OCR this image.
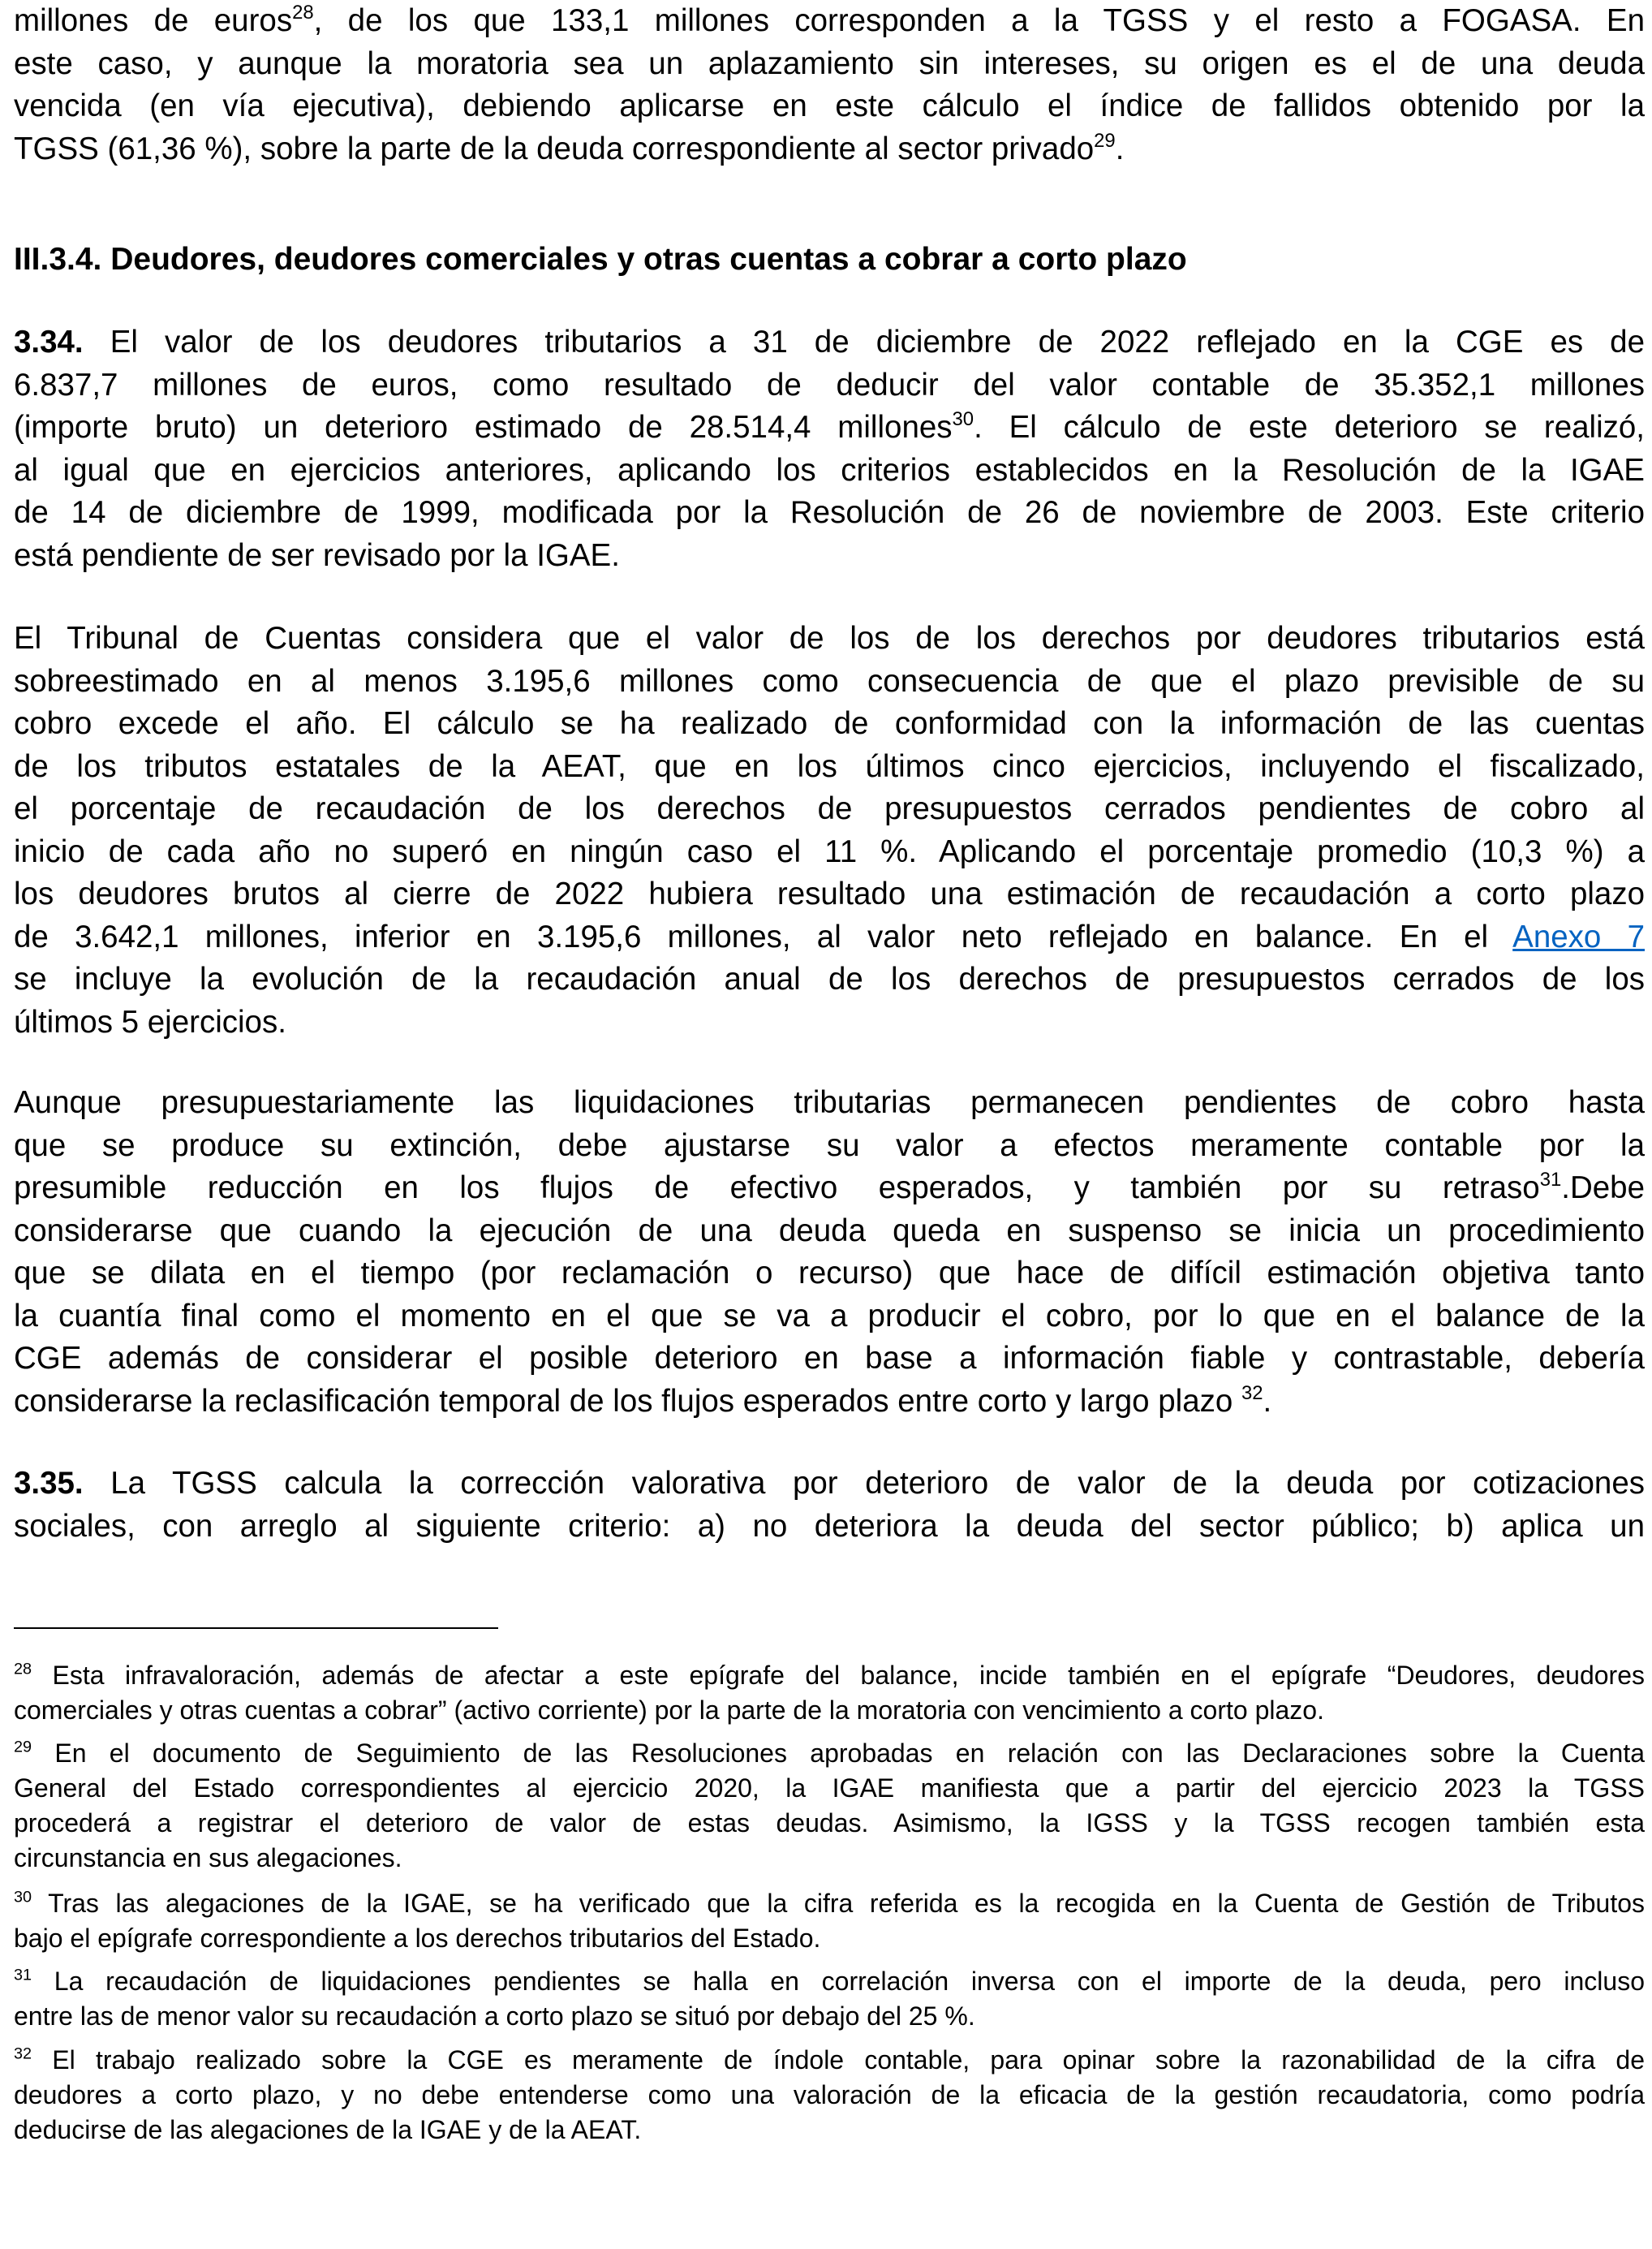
millones de euros$^{28}$, de los que 133,1 millones corresponden a la TGSS y el resto a FOGASA. En
este caso, y aunque la moratoria sea un aplazamiento sin intereses, su origen es el de una deuda
vencida (en vía ejecutiva), debiendo aplicarse en este cálculo el índice de fallidos obtenido por la
TGSS (61,36 %), sobre la parte de la deuda correspondiente al sector privado$^{29}$.
III.3.4. Deudores, deudores comerciales y otras cuentas a cobrar a corto plazo
3.34. El valor de los deudores tributarios a 31 de diciembre de 2022 reflejado en la CGE es de
6.837,7 millones de euros, como resultado de deducir del valor contable de 35.352,1 millones
(importe bruto) un deterioro estimado de 28.514,4 millones$^{30}$. El cálculo de este deterioro se realizó,
al igual que en ejercicios anteriores, aplicando los criterios establecidos en la Resolución de la IGAE
de 14 de diciembre de 1999, modificada por la Resolución de 26 de noviembre de 2003. Este criterio
está pendiente de ser revisado por la IGAE.
El Tribunal de Cuentas considera que el valor de los de los derechos por deudores tributarios está
sobreestimado en al menos 3.195,6 millones como consecuencia de que el plazo previsible de su
cobro excede el año. El cálculo se ha realizado de conformidad con la información de las cuentas
de los tributos estatales de la AEAT, que en los últimos cinco ejercicios, incluyendo el fiscalizado,
el porcentaje de recaudación de los derechos de presupuestos cerrados pendientes de cobro al
inicio de cada año no superó en ningún caso el 11 %. Aplicando el porcentaje promedio (10,3 %) a
los deudores brutos al cierre de 2022 hubiera resultado una estimación de recaudación a corto plazo
de 3.642,1 millones, inferior en 3.195,6 millones, al valor neto reflejado en balance. En el Anexo 7
se incluye la evolución de la recaudación anual de los derechos de presupuestos cerrados de los
últimos 5 ejercicios.
Aunque presupuestariamente las liquidaciones tributarias permanecen pendientes de cobro hasta
que se produce su extinción, debe ajustarse su valor a efectos meramente contable por la
presumible reducción en los flujos de efectivo esperados, y también por su retraso$^{31}$.Debe
considerarse que cuando la ejecución de una deuda queda en suspenso se inicia un procedimiento
que se dilata en el tiempo (por reclamación o recurso) que hace de difícil estimación objetiva tanto
la cuantía final como el momento en el que se va a producir el cobro, por lo que en el balance de la
CGE además de considerar el posible deterioro en base a información fiable y contrastable, debería
considerarse la reclasificación temporal de los flujos esperados entre corto y largo plazo $^{32}$.
3.35. La TGSS calcula la corrección valorativa por deterioro de valor de la deuda por cotizaciones
sociales, con arreglo al siguiente criterio: a) no deteriora la deuda del sector público; b) aplica un
$^{28}$ Esta infravaloración, además de afectar a este epígrafe del balance, incide también en el epígrafe “Deudores, deudores
comerciales y otras cuentas a cobrar” (activo corriente) por la parte de la moratoria con vencimiento a corto plazo.
$^{29}$ En el documento de Seguimiento de las Resoluciones aprobadas en relación con las Declaraciones sobre la Cuenta
General del Estado correspondientes al ejercicio 2020, la IGAE manifiesta que a partir del ejercicio 2023 la TGSS
procederá a registrar el deterioro de valor de estas deudas. Asimismo, la IGSS y la TGSS recogen también esta
circunstancia en sus alegaciones.
$^{30}$ Tras las alegaciones de la IGAE, se ha verificado que la cifra referida es la recogida en la Cuenta de Gestión de Tributos
bajo el epígrafe correspondiente a los derechos tributarios del Estado.
$^{31}$ La recaudación de liquidaciones pendientes se halla en correlación inversa con el importe de la deuda, pero incluso
entre las de menor valor su recaudación a corto plazo se situó por debajo del 25 %.
$^{32}$ El trabajo realizado sobre la CGE es meramente de índole contable, para opinar sobre la razonabilidad de la cifra de
deudores a corto plazo, y no debe entenderse como una valoración de la eficacia de la gestión recaudatoria, como podría
deducirse de las alegaciones de la IGAE y de la AEAT.
